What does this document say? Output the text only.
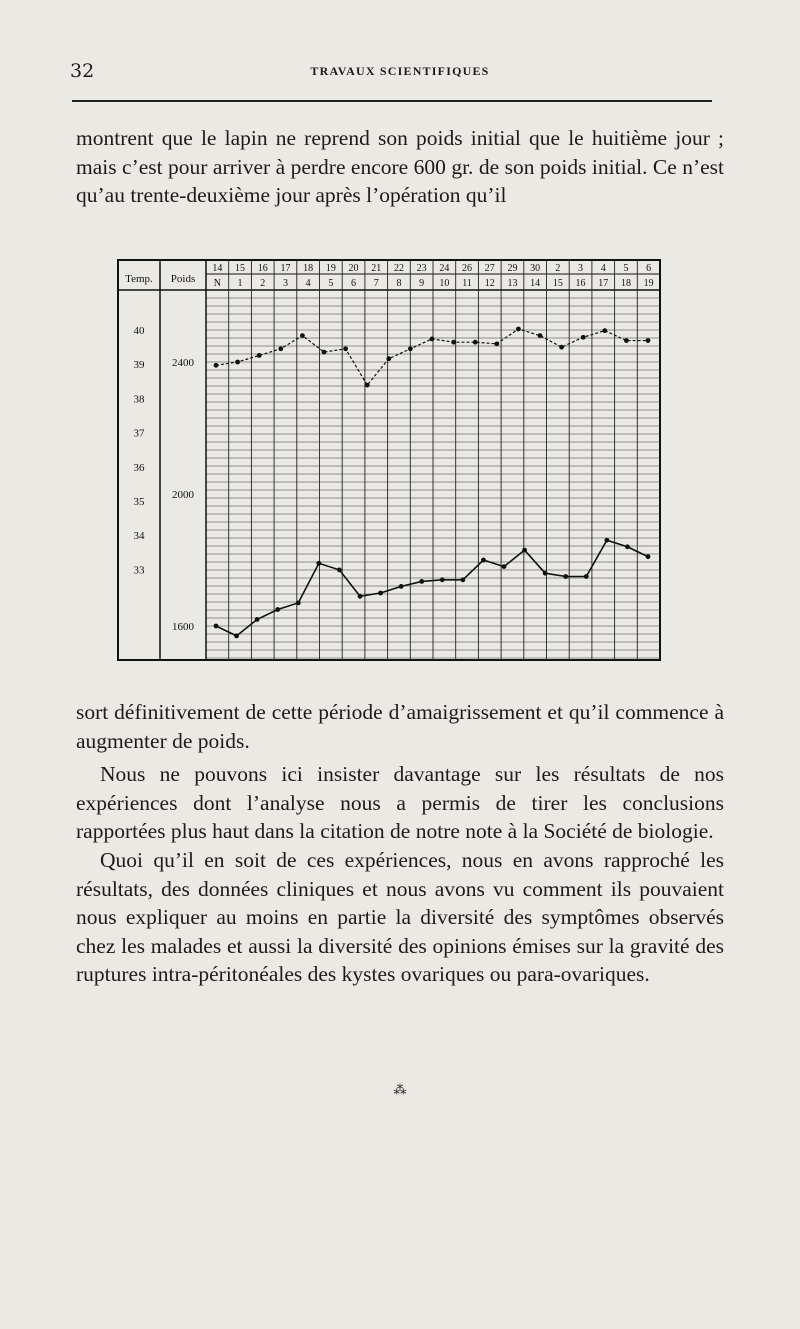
32	TRAVAUX SCIENTIFIQUES

montrent que le lapin ne reprend son poids initial que le huitième jour ; mais c’est pour arriver à perdre encore 600 gr. de son poids initial. Ce n’est qu’au trente-deuxième jour après l’opération qu’il

Temp. Poids
14 15 16 17 18 19 20 21 22 23 24 26 27 29 30 2 3 4 5 6
N 1 2 3 4 5 6 7 8 9 10 11 12 13 14 15 16 17 18 19
40
39
38
37
36
35
34
33
2400
2000
1600

sort définitivement de cette période d’amaigrissement et qu’il commence à augmenter de poids.

Nous ne pouvons ici insister davantage sur les résultats de nos expériences dont l’analyse nous a permis de tirer les conclusions rapportées plus haut dans la citation de notre note à la Société de biologie.

Quoi qu’il en soit de ces expériences, nous en avons rapproché les résultats, des données cliniques et nous avons vu comment ils pouvaient nous expliquer au moins en partie la diversité des symptômes observés chez les malades et aussi la diversité des opinions émises sur la gravité des ruptures intra-péritonéales des kystes ovariques ou para-ovariques.

⁂
